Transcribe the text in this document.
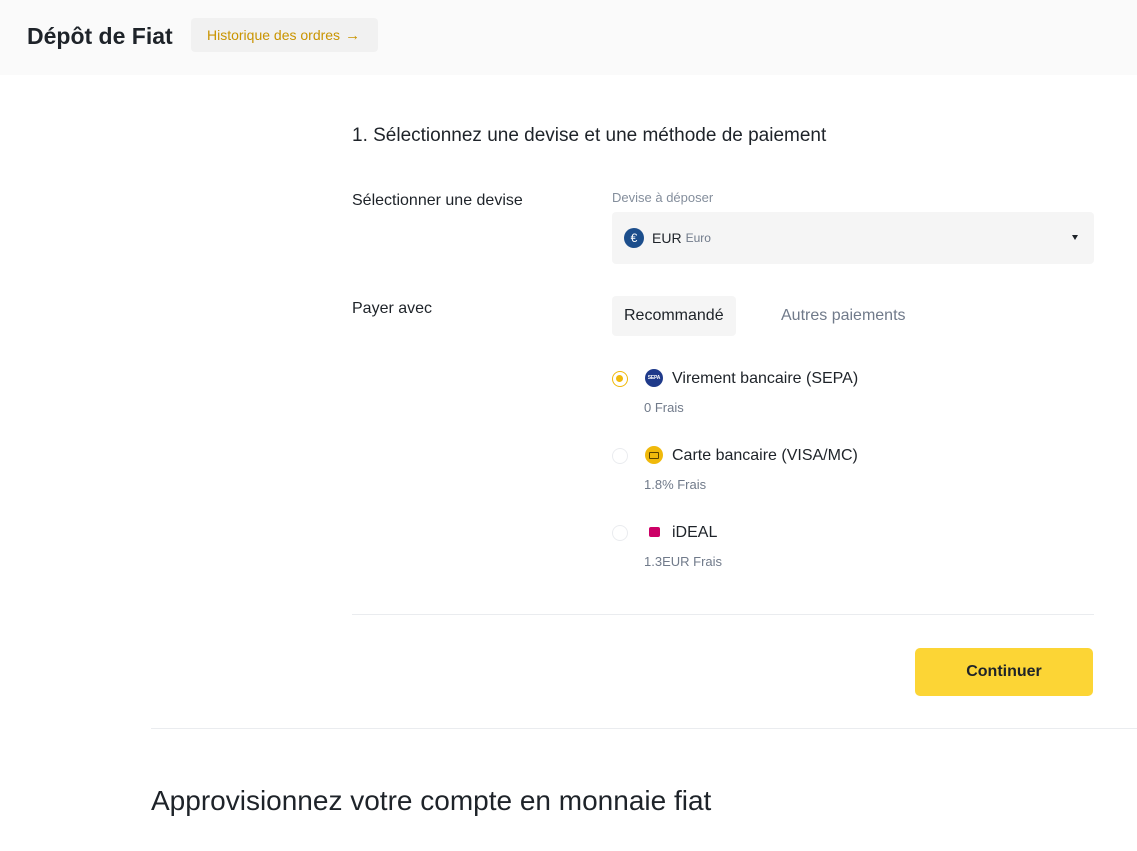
Dépôt de Fiat Historique des ordres →
1. Sélectionnez une devise et une méthode de paiement
Sélectionner une devise	Devise à déposer
€	EUR Euro
Payer avec	Recommandé	Autres paiements
SEPA Virement bancaire (SEPA)
0 Frais
Carte bancaire (VISA/MC)
1.8% Frais
iDEAL
1.3EUR Frais
Continuer
Approvisionnez votre compte en monnaie fiat
